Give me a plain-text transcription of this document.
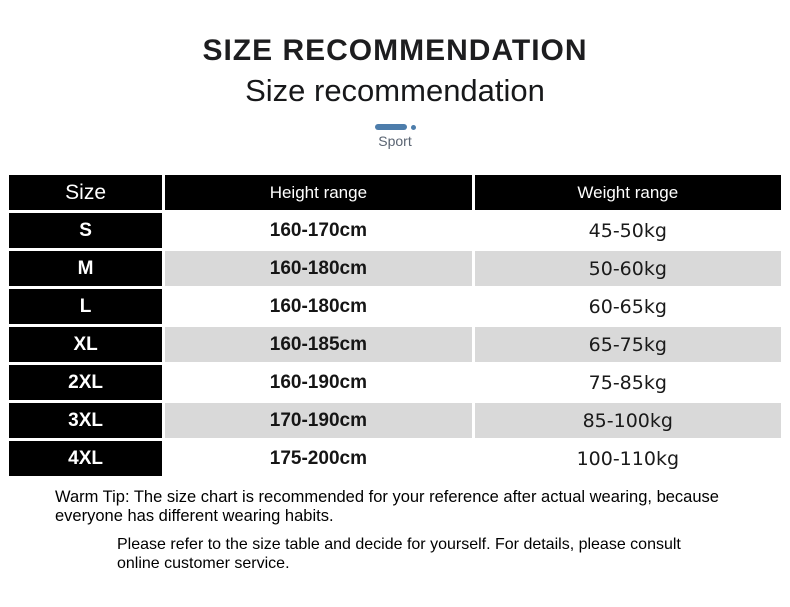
SIZE RECOMMENDATION
Size recommendation
Sport
Size	Height range	Weight range
S	160-170cm	45-50kg
M	160-180cm	50-60kg
L	160-180cm	60-65kg
XL	160-185cm	65-75kg
2XL	160-190cm	75-85kg
3XL	170-190cm	85-100kg
4XL	175-200cm	100-110kg

Warm Tip: The size chart is recommended for your reference after actual wearing, because everyone has different wearing habits.

Please refer to the size table and decide for yourself. For details, please consult online customer service.
